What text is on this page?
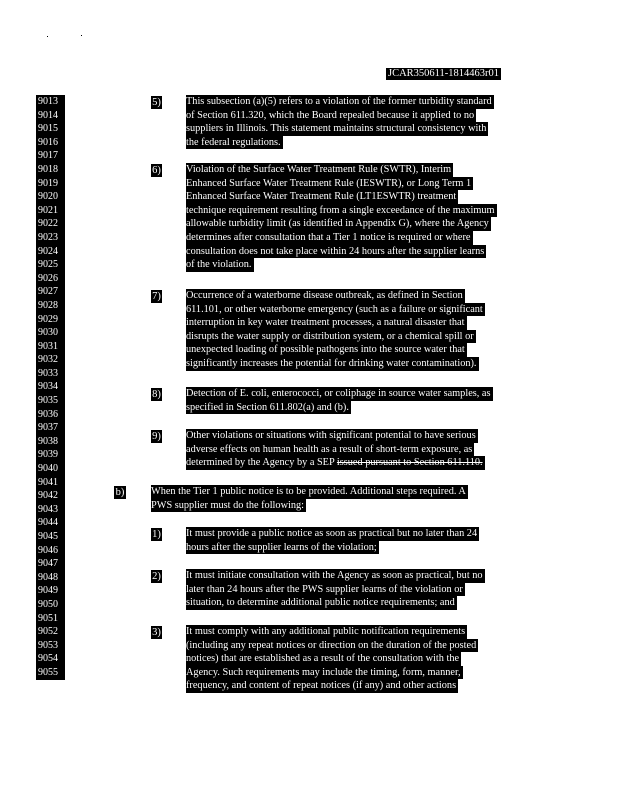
JCAR350611-1814463r01
9013
9014
9015
9016
9017
9018
9019
9020
9021
9022
9023
9024
9025
9026
9027
9028
9029
9030
9031
9032
9033
9034
9035
9036
9037
9038
9039
9040
9041
9042
9043
9044
9045
9046
9047
9048
9049
9050
9051
9052
9053
9054
9055
5) This subsection (a)(5) refers to a violation of the former turbidity standard
of Section 611.320, which the Board repealed because it applied to no
suppliers in Illinois. This statement maintains structural consistency with
the federal regulations.
6) Violation of the Surface Water Treatment Rule (SWTR), Interim
Enhanced Surface Water Treatment Rule (IESWTR), or Long Term 1
Enhanced Surface Water Treatment Rule (LT1ESWTR) treatment
technique requirement resulting from a single exceedance of the maximum
allowable turbidity limit (as identified in Appendix G), where the Agency
determines after consultation that a Tier 1 notice is required or where
consultation does not take place within 24 hours after the supplier learns
of the violation.
7) Occurrence of a waterborne disease outbreak, as defined in Section
611.101, or other waterborne emergency (such as a failure or significant
interruption in key water treatment processes, a natural disaster that
disrupts the water supply or distribution system, or a chemical spill or
unexpected loading of possible pathogens into the source water that
significantly increases the potential for drinking water contamination).
8) Detection of E. coli, enterococci, or coliphage in source water samples, as
specified in Section 611.802(a) and (b).
9) Other violations or situations with significant potential to have serious
adverse effects on human health as a result of short-term exposure, as
determined by the Agency by a SEP issued pursuant to Section 611.110.
b)	When the Tier 1 public notice is to be provided. Additional steps required. A
PWS supplier must do the following:
1) It must provide a public notice as soon as practical but no later than 24
hours after the supplier learns of the violation;
2) It must initiate consultation with the Agency as soon as practical, but no
later than 24 hours after the PWS supplier learns of the violation or
situation, to determine additional public notice requirements; and
3) It must comply with any additional public notification requirements
(including any repeat notices or direction on the duration of the posted
notices) that are established as a result of the consultation with the
Agency. Such requirements may include the timing, form, manner,
frequency, and content of repeat notices (if any) and other actions
